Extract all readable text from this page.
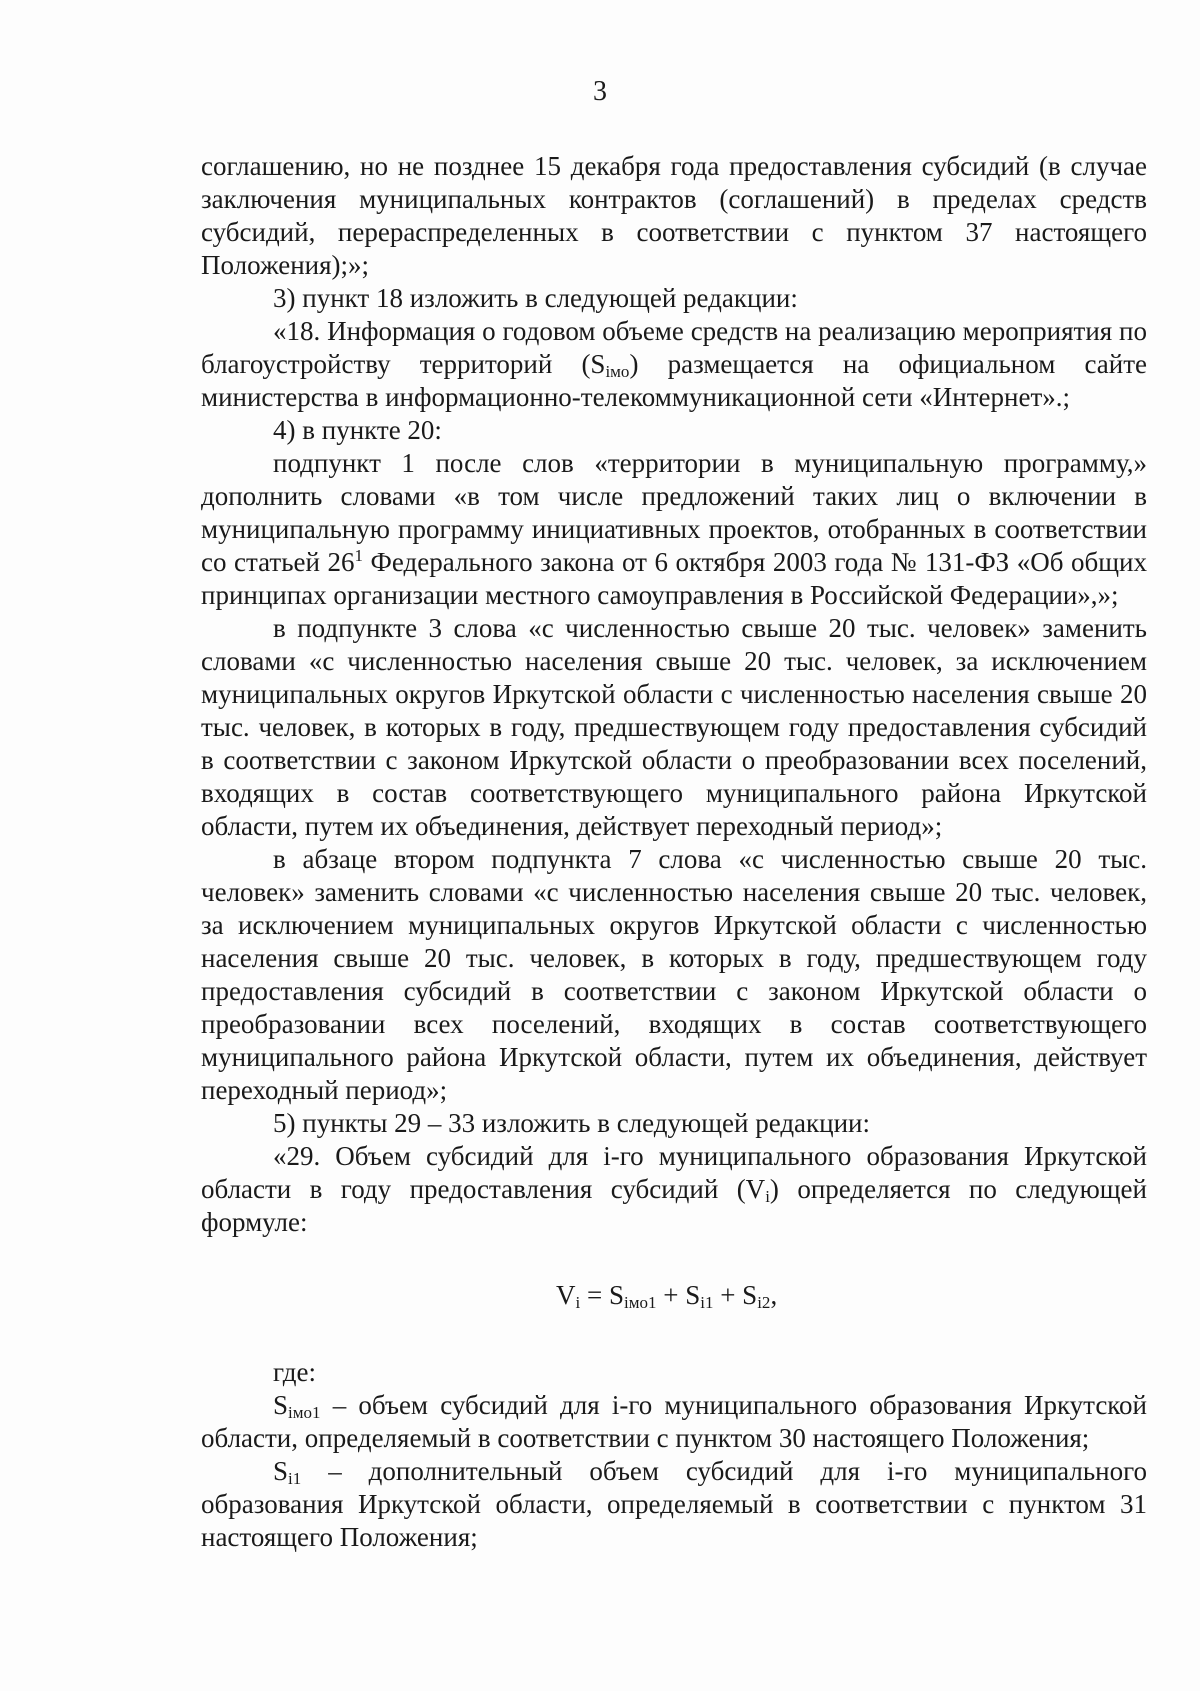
3

соглашению, но не позднее 15 декабря года предоставления субсидий (в случае заключения муниципальных контрактов (соглашений) в пределах средств субсидий, перераспределенных в соответствии с пунктом 37 настоящего Положения);»;

3) пункт 18 изложить в следующей редакции:

«18. Информация о годовом объеме средств на реализацию мероприятия по благоустройству территорий $(S_{iмо})$ размещается на официальном сайте министерства в информационно-телекоммуникационной сети «Интернет».;

4) в пункте 20:

подпункт 1 после слов «территории в муниципальную программу,» дополнить словами «в том числе предложений таких лиц о включении в муниципальную программу инициативных проектов, отобранных в соответствии со статьей $26^1$ Федерального закона от 6 октября 2003 года № 131-ФЗ «Об общих принципах организации местного самоуправления в Российской Федерации»,»;

в подпункте 3 слова «с численностью свыше 20 тыс. человек» заменить словами «с численностью населения свыше 20 тыс. человек, за исключением муниципальных округов Иркутской области с численностью населения свыше 20 тыс. человек, в которых в году, предшествующем году предоставления субсидий в соответствии с законом Иркутской области о преобразовании всех поселений, входящих в состав соответствующего муниципального района Иркутской области, путем их объединения, действует переходный период»;

в абзаце втором подпункта 7 слова «с численностью свыше 20 тыс. человек» заменить словами «с численностью населения свыше 20 тыс. человек, за исключением муниципальных округов Иркутской области с численностью населения свыше 20 тыс. человек, в которых в году, предшествующем году предоставления субсидий в соответствии с законом Иркутской области о преобразовании всех поселений, входящих в состав соответствующего муниципального района Иркутской области, путем их объединения, действует переходный период»;

5) пункты 29 – 33 изложить в следующей редакции:

«29. Объем субсидий для i-го муниципального образования Иркутской области в году предоставления субсидий $(V_i)$ определяется по следующей формуле:

$V_i = S_{iмо1} + S_{i1} + S_{i2}$,

где:

$S_{iмо1}$ – объем субсидий для i-го муниципального образования Иркутской области, определяемый в соответствии с пунктом 30 настоящего Положения;

$S_{i1}$ – дополнительный объем субсидий для i-го муниципального образования Иркутской области, определяемый в соответствии с пунктом 31 настоящего Положения;
